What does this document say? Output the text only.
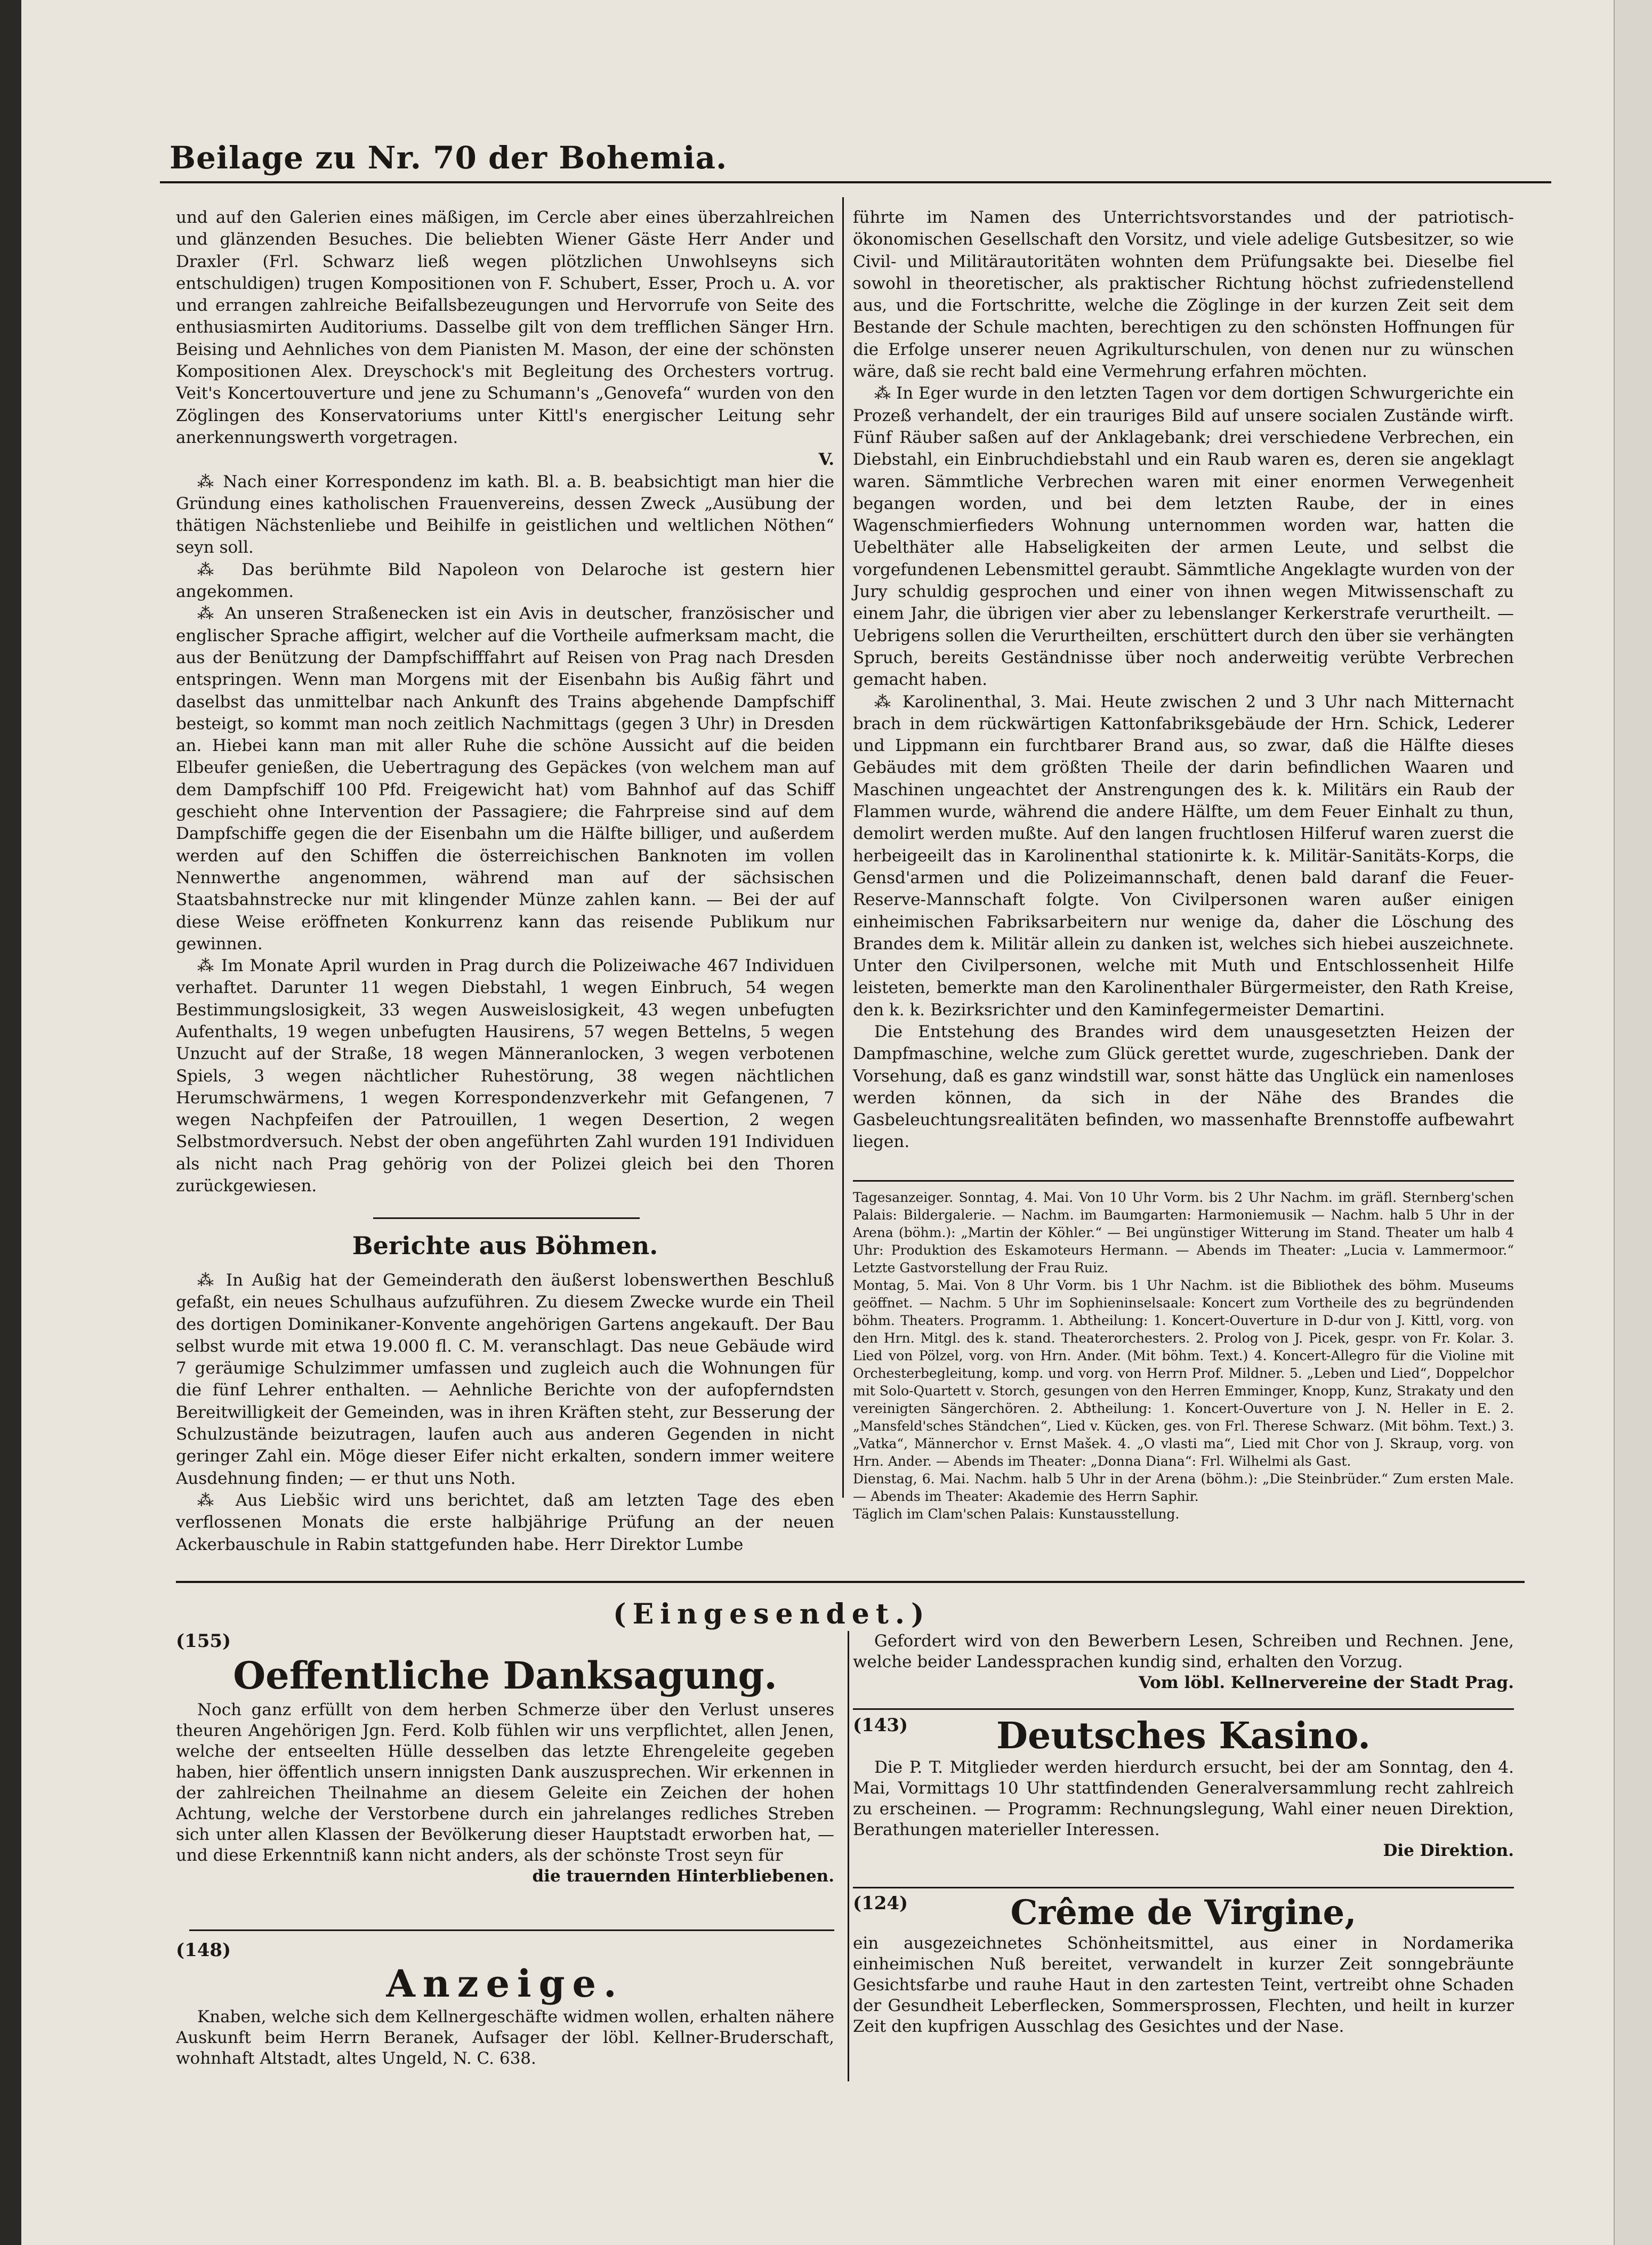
Beilage zu Nr. 70 der Bohemia.

und auf den Galerien eines mäßigen, im Cercle aber eines überzahlreichen und glänzenden Besuches. Die beliebten Wiener Gäste Herr Ander und Draxler (Frl. Schwarz ließ wegen plötzlichen Unwohlseyns sich entschuldigen) trugen Kompositionen von F. Schubert, Esser, Proch u. A. vor und errangen zahlreiche Beifallsbezeugungen und Hervorrufe von Seite des enthusiasmirten Auditoriums. Dasselbe gilt von dem trefflichen Sänger Hrn. Beising und Aehnliches von dem Pianisten M. Mason, der eine der schönsten Kompositionen Alex. Dreyschock's mit Begleitung des Orchesters vortrug. Veit's Koncertouverture und jene zu Schumann's „Genovefa“ wurden von den Zöglingen des Konservatoriums unter Kittl's energischer Leitung sehr anerkennungswerth vorgetragen.

V.

⁂ Nach einer Korrespondenz im kath. Bl. a. B. beabsichtigt man hier die Gründung eines katholischen Frauenvereins, dessen Zweck „Ausübung der thätigen Nächstenliebe und Beihilfe in geistlichen und weltlichen Nöthen“ seyn soll.

⁂ Das berühmte Bild Napoleon von Delaroche ist gestern hier angekommen.

⁂ An unseren Straßenecken ist ein Avis in deutscher, französischer und englischer Sprache affigirt, welcher auf die Vortheile aufmerksam macht, die aus der Benützung der Dampfschifffahrt auf Reisen von Prag nach Dresden entspringen. Wenn man Morgens mit der Eisenbahn bis Außig fährt und daselbst das unmittelbar nach Ankunft des Trains abgehende Dampfschiff besteigt, so kommt man noch zeitlich Nachmittags (gegen 3 Uhr) in Dresden an. Hiebei kann man mit aller Ruhe die schöne Aussicht auf die beiden Elbeufer genießen, die Uebertragung des Gepäckes (von welchem man auf dem Dampfschiff 100 Pfd. Freigewicht hat) vom Bahnhof auf das Schiff geschieht ohne Intervention der Passagiere; die Fahrpreise sind auf dem Dampfschiffe gegen die der Eisenbahn um die Hälfte billiger, und außerdem werden auf den Schiffen die österreichischen Banknoten im vollen Nennwerthe angenommen, während man auf der sächsischen Staatsbahnstrecke nur mit klingender Münze zahlen kann. — Bei der auf diese Weise eröffneten Konkurrenz kann das reisende Publikum nur gewinnen.

⁂ Im Monate April wurden in Prag durch die Polizeiwache 467 Individuen verhaftet. Darunter 11 wegen Diebstahl, 1 wegen Einbruch, 54 wegen Bestimmungslosigkeit, 33 wegen Ausweislosigkeit, 43 wegen unbefugten Aufenthalts, 19 wegen unbefugten Hausirens, 57 wegen Bettelns, 5 wegen Unzucht auf der Straße, 18 wegen Männeranlocken, 3 wegen verbotenen Spiels, 3 wegen nächtlicher Ruhestörung, 38 wegen nächtlichen Herumschwärmens, 1 wegen Korrespondenzverkehr mit Gefangenen, 7 wegen Nachpfeifen der Patrouillen, 1 wegen Desertion, 2 wegen Selbstmordversuch. Nebst der oben angeführten Zahl wurden 191 Individuen als nicht nach Prag gehörig von der Polizei gleich bei den Thoren zurückgewiesen.

Berichte aus Böhmen.

⁂ In Außig hat der Gemeinderath den äußerst lobenswerthen Beschluß gefaßt, ein neues Schulhaus aufzuführen. Zu diesem Zwecke wurde ein Theil des dortigen Dominikaner-Konvente angehörigen Gartens angekauft. Der Bau selbst wurde mit etwa 19.000 fl. C. M. veranschlagt. Das neue Gebäude wird 7 geräumige Schulzimmer umfassen und zugleich auch die Wohnungen für die fünf Lehrer enthalten. — Aehnliche Berichte von der aufopferndsten Bereitwilligkeit der Gemeinden, was in ihren Kräften steht, zur Besserung der Schulzustände beizutragen, laufen auch aus anderen Gegenden in nicht geringer Zahl ein. Möge dieser Eifer nicht erkalten, sondern immer weitere Ausdehnung finden; — er thut uns Noth.

⁂ Aus Liebšic wird uns berichtet, daß am letzten Tage des eben verflossenen Monats die erste halbjährige Prüfung an der neuen Ackerbauschule in Rabin stattgefunden habe. Herr Direktor Lumbe

führte im Namen des Unterrichtsvorstandes und der patriotisch-ökonomischen Gesellschaft den Vorsitz, und viele adelige Gutsbesitzer, so wie Civil- und Militärautoritäten wohnten dem Prüfungsakte bei. Dieselbe fiel sowohl in theoretischer, als praktischer Richtung höchst zufriedenstellend aus, und die Fortschritte, welche die Zöglinge in der kurzen Zeit seit dem Bestande der Schule machten, berechtigen zu den schönsten Hoffnungen für die Erfolge unserer neuen Agrikulturschulen, von denen nur zu wünschen wäre, daß sie recht bald eine Vermehrung erfahren möchten.

⁂ In Eger wurde in den letzten Tagen vor dem dortigen Schwurgerichte ein Prozeß verhandelt, der ein trauriges Bild auf unsere socialen Zustände wirft. Fünf Räuber saßen auf der Anklagebank; drei verschiedene Verbrechen, ein Diebstahl, ein Einbruchdiebstahl und ein Raub waren es, deren sie angeklagt waren. Sämmtliche Verbrechen waren mit einer enormen Verwegenheit begangen worden, und bei dem letzten Raube, der in eines Wagenschmierfieders Wohnung unternommen worden war, hatten die Uebelthäter alle Habseligkeiten der armen Leute, und selbst die vorgefundenen Lebensmittel geraubt. Sämmtliche Angeklagte wurden von der Jury schuldig gesprochen und einer von ihnen wegen Mitwissenschaft zu einem Jahr, die übrigen vier aber zu lebenslanger Kerkerstrafe verurtheilt. — Uebrigens sollen die Verurtheilten, erschüttert durch den über sie verhängten Spruch, bereits Geständnisse über noch anderweitig verübte Verbrechen gemacht haben.

⁂ Karolinenthal, 3. Mai. Heute zwischen 2 und 3 Uhr nach Mitternacht brach in dem rückwärtigen Kattonfabriksgebäude der Hrn. Schick, Lederer und Lippmann ein furchtbarer Brand aus, so zwar, daß die Hälfte dieses Gebäudes mit dem größten Theile der darin befindlichen Waaren und Maschinen ungeachtet der Anstrengungen des k. k. Militärs ein Raub der Flammen wurde, während die andere Hälfte, um dem Feuer Einhalt zu thun, demolirt werden mußte. Auf den langen fruchtlosen Hilferuf waren zuerst die herbeigeeilt das in Karolinenthal stationirte k. k. Militär-Sanitäts-Korps, die Gensd'armen und die Polizeimannschaft, denen bald daranf die Feuer-Reserve-Mannschaft folgte. Von Civilpersonen waren außer einigen einheimischen Fabriksarbeitern nur wenige da, daher die Löschung des Brandes dem k. Militär allein zu danken ist, welches sich hiebei auszeichnete. Unter den Civilpersonen, welche mit Muth und Entschlossenheit Hilfe leisteten, bemerkte man den Karolinenthaler Bürgermeister, den Rath Kreise, den k. k. Bezirksrichter und den Kaminfegermeister Demartini.

Die Entstehung des Brandes wird dem unausgesetzten Heizen der Dampfmaschine, welche zum Glück gerettet wurde, zugeschrieben. Dank der Vorsehung, daß es ganz windstill war, sonst hätte das Unglück ein namenloses werden können, da sich in der Nähe des Brandes die Gasbeleuchtungsrealitäten befinden, wo massenhafte Brennstoffe aufbewahrt liegen.

Tagesanzeiger. Sonntag, 4. Mai. Von 10 Uhr Vorm. bis 2 Uhr Nachm. im gräfl. Sternberg'schen Palais: Bildergalerie. — Nachm. im Baumgarten: Harmoniemusik — Nachm. halb 5 Uhr in der Arena (böhm.): „Martin der Köhler.“ — Bei ungünstiger Witterung im Stand. Theater um halb 4 Uhr: Produktion des Eskamoteurs Hermann. — Abends im Theater: „Lucia v. Lammermoor.“ Letzte Gastvorstellung der Frau Ruiz.

Montag, 5. Mai. Von 8 Uhr Vorm. bis 1 Uhr Nachm. ist die Bibliothek des böhm. Museums geöffnet. — Nachm. 5 Uhr im Sophieninselsaale: Koncert zum Vortheile des zu begründenden böhm. Theaters. Programm. 1. Abtheilung: 1. Koncert-Ouverture in D-dur von J. Kittl, vorg. von den Hrn. Mitgl. des k. stand. Theaterorchesters. 2. Prolog von J. Picek, gespr. von Fr. Kolar. 3. Lied von Pölzel, vorg. von Hrn. Ander. (Mit böhm. Text.) 4. Koncert-Allegro für die Violine mit Orchesterbegleitung, komp. und vorg. von Herrn Prof. Mildner. 5. „Leben und Lied“, Doppelchor mit Solo-Quartett v. Storch, gesungen von den Herren Emminger, Knopp, Kunz, Strakaty und den vereinigten Sängerchören. 2. Abtheilung: 1. Koncert-Ouverture von J. N. Heller in E. 2. „Mansfeld'sches Ständchen“, Lied v. Kücken, ges. von Frl. Therese Schwarz. (Mit böhm. Text.) 3. „Vatka“, Männerchor v. Ernst Mašek. 4. „O vlasti ma“, Lied mit Chor von J. Skraup, vorg. von Hrn. Ander. — Abends im Theater: „Donna Diana“: Frl. Wilhelmi als Gast.

Dienstag, 6. Mai. Nachm. halb 5 Uhr in der Arena (böhm.): „Die Steinbrüder.“ Zum ersten Male. — Abends im Theater: Akademie des Herrn Saphir.

Täglich im Clam'schen Palais: Kunstausstellung.

(Eingesendet.)
(155)
Oeffentliche Danksagung.

Noch ganz erfüllt von dem herben Schmerze über den Verlust unseres theuren Angehörigen Jgn. Ferd. Kolb fühlen wir uns verpflichtet, allen Jenen, welche der entseelten Hülle desselben das letzte Ehrengeleite gegeben haben, hier öffentlich unsern innigsten Dank auszusprechen. Wir erkennen in der zahlreichen Theilnahme an diesem Geleite ein Zeichen der hohen Achtung, welche der Verstorbene durch ein jahrelanges redliches Streben sich unter allen Klassen der Bevölkerung dieser Hauptstadt erworben hat, — und diese Erkenntniß kann nicht anders, als der schönste Trost seyn für

die trauernden Hinterbliebenen.
(148)
Anzeige.

Knaben, welche sich dem Kellnergeschäfte widmen wollen, erhalten nähere Auskunft beim Herrn Beranek, Aufsager der löbl. Kellner-Bruderschaft, wohnhaft Altstadt, altes Ungeld, N. C. 638.

Gefordert wird von den Bewerbern Lesen, Schreiben und Rechnen. Jene, welche beider Landessprachen kundig sind, erhalten den Vorzug.

Vom löbl. Kellnervereine der Stadt Prag.
(143)	Deutsches Kasino.

Die P. T. Mitglieder werden hierdurch ersucht, bei der am Sonntag, den 4. Mai, Vormittags 10 Uhr stattfindenden Generalversammlung recht zahlreich zu erscheinen. — Programm: Rechnungslegung, Wahl einer neuen Direktion, Berathungen materieller Interessen.

Die Direktion.
(124)	Crême de Virgine,

ein ausgezeichnetes Schönheitsmittel, aus einer in Nordamerika einheimischen Nuß bereitet, verwandelt in kurzer Zeit sonngebräunte Gesichtsfarbe und rauhe Haut in den zartesten Teint, vertreibt ohne Schaden der Gesundheit Leberflecken, Sommersprossen, Flechten, und heilt in kurzer Zeit den kupfrigen Ausschlag des Gesichtes und der Nase.
